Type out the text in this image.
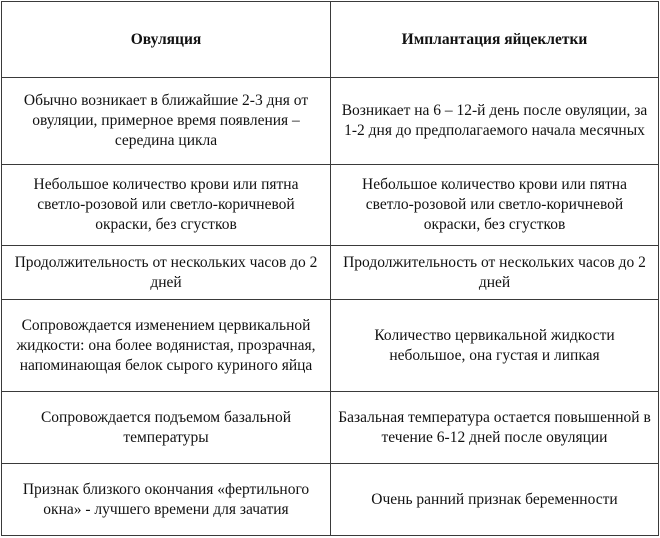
Овуляция	Имплантация яйцеклетки
Обычно возникает в ближайшие 2-3 дня от овуляции, примерное время появления – середина цикла	Возникает на 6 – 12-й день после овуляции, за 1-2 дня до предполагаемого начала месячных
Небольшое количество крови или пятна светло-розовой или светло-коричневой окраски, без сгустков	Небольшое количество крови или пятна светло-розовой или светло-коричневой окраски, без сгустков
Продолжительность от нескольких часов до 2 дней	Продолжительность от нескольких часов до 2 дней
Сопровождается изменением цервикальной жидкости: она более водянистая, прозрачная, напоминающая белок сырого куриного яйца	Количество цервикальной жидкости небольшое, она густая и липкая
Сопровождается подъемом базальной температуры	Базальная температура остается повышенной в течение 6-12 дней после овуляции
Признак близкого окончания «фертильного окна» - лучшего времени для зачатия	Очень ранний признак беременности
